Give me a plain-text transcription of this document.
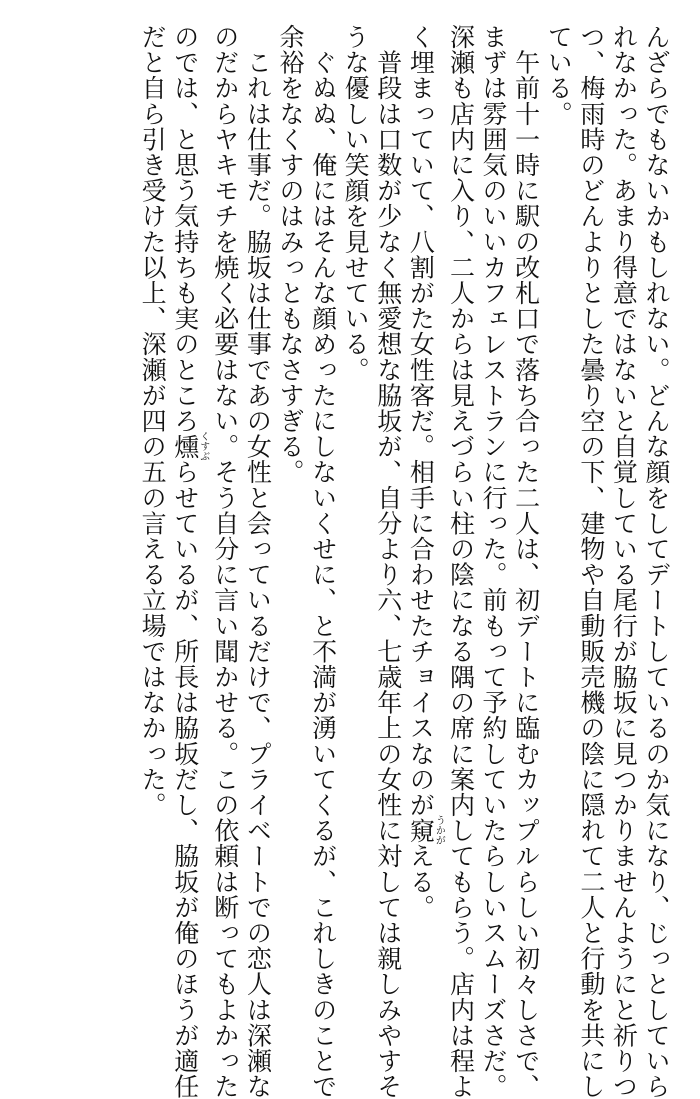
んざらでもないかもしれない。どんな顔をしてデートしているのか気になり、じっとしていら
れなかった。あまり得意ではないと自覚している尾行が脇坂に見つかりませんようにと祈りつ
つ、梅雨時のどんよりとした曇り空の下、建物や自動販売機の陰に隠れて二人と行動を共にし
ている。
　午前十一時に駅の改札口で落ち合った二人は、初デートに臨むカップルらしい初々しさで、
まずは雰囲気のいいカフェレストランに行った。前もって予約していたらしいスムーズさだ。
深瀬も店内に入り、二人からは見えづらい柱の陰になる隅の席に案内してもらう。店内は程よ
く埋まっていて、八割がた女性客だ。相手に合わせたチョイスなのが窺うかがえる。
　普段は口数が少なく無愛想な脇坂が、自分より六、七歳年上の女性に対しては親しみやすそ
うな優しい笑顔を見せている。
　ぐぬぬ、俺にはそんな顔めったにしないくせに、と不満が湧いてくるが、これしきのことで
余裕をなくすのはみっともなさすぎる。
　これは仕事だ。脇坂は仕事であの女性と会っているだけで、プライベートでの恋人は深瀬な
のだからヤキモチを焼く必要はない。そう自分に言い聞かせる。この依頼は断ってもよかった
のでは、と思う気持ちも実のところ燻くすぶらせているが、所長は脇坂だし、脇坂が俺のほうが適任
だと自ら引き受けた以上、深瀬が四の五の言える立場ではなかった。
